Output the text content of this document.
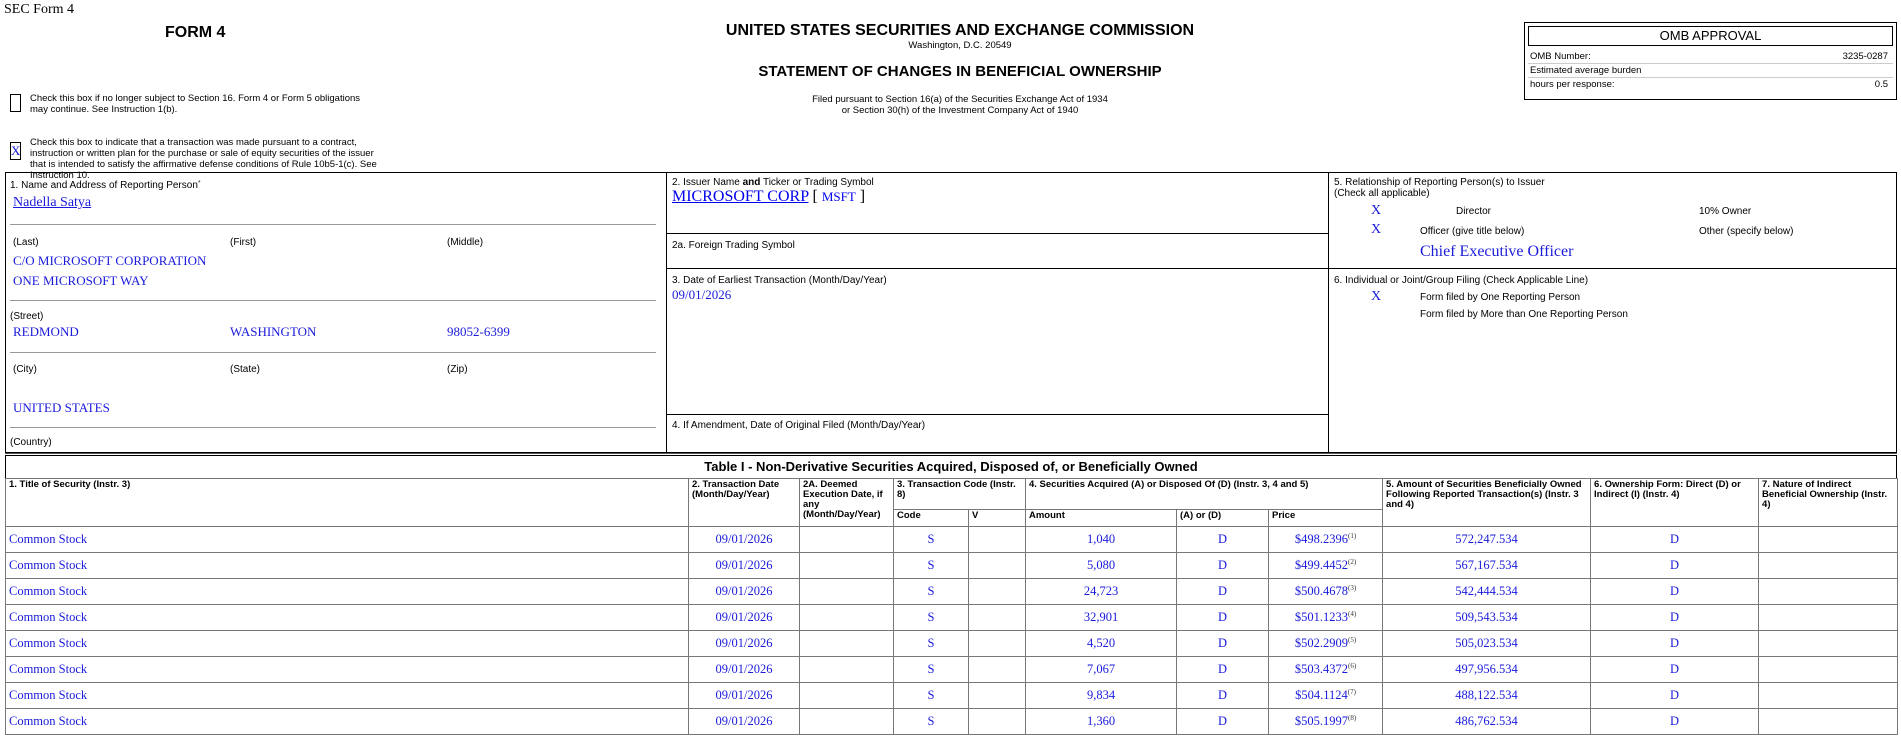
SEC Form 4
FORM 4	UNITED STATES SECURITIES AND EXCHANGE COMMISSION
Washington, D.C. 20549
STATEMENT OF CHANGES IN BENEFICIAL OWNERSHIP
Filed pursuant to Section 16(a) of the Securities Exchange Act of 1934
or Section 30(h) of the Investment Company Act of 1940
OMB APPROVAL
OMB Number:	3235-0287
Estimated average burden
hours per response:	0.5
Check this box if no longer subject to Section 16. Form 4 or Form 5 obligations may continue. See Instruction 1(b).
X
Check this box to indicate that a transaction was made pursuant to a contract, instruction or written plan for the purchase or sale of equity securities of the issuer that is intended to satisfy the affirmative defense conditions of Rule 10b5-1(c). See Instruction 10.
1. Name and Address of Reporting Person*
Nadella Satya
(Last)	(First)	(Middle)
C/O MICROSOFT CORPORATION
ONE MICROSOFT WAY
(Street)
REDMOND	WASHINGTON	98052-6399
(City)	(State)	(Zip)
UNITED STATES
(Country)
2. Issuer Name and Ticker or Trading Symbol
MICROSOFT CORP [ MSFT ]
2a. Foreign Trading Symbol
3. Date of Earliest Transaction (Month/Day/Year)
09/01/2026
4. If Amendment, Date of Original Filed (Month/Day/Year)
5. Relationship of Reporting Person(s) to Issuer
(Check all applicable)
X	Director	10% Owner
X	Officer (give title below)	Other (specify below)
Chief Executive Officer
6. Individual or Joint/Group Filing (Check Applicable Line)
X	Form filed by One Reporting Person
Form filed by More than One Reporting Person
Table I - Non-Derivative Securities Acquired, Disposed of, or Beneficially Owned
1. Title of Security (Instr. 3)	2. Transaction Date (Month/Day/Year)	2A. Deemed Execution Date, if any (Month/Day/Year)	3. Transaction Code (Instr. 8)		4. Securities Acquired (A) or Disposed Of (D) (Instr. 3, 4 and 5)			5. Amount of Securities Beneficially Owned Following Reported Transaction(s) (Instr. 3 and 4)	6. Ownership Form: Direct (D) or Indirect (I) (Instr. 4)	7. Nature of Indirect Beneficial Ownership (Instr. 4)
			Code	V	Amount	(A) or (D)	Price			
Common Stock	09/01/2026		S		1,040	D	$498.2396$^{(1)}$	572,247.534	D	
Common Stock	09/01/2026		S		5,080	D	$499.4452$^{(2)}$	567,167.534	D	
Common Stock	09/01/2026		S		24,723	D	$500.4678$^{(3)}$	542,444.534	D	
Common Stock	09/01/2026		S		32,901	D	$501.1233$^{(4)}$	509,543.534	D	
Common Stock	09/01/2026		S		4,520	D	$502.2909$^{(5)}$	505,023.534	D	
Common Stock	09/01/2026		S		7,067	D	$503.4372$^{(6)}$	497,956.534	D	
Common Stock	09/01/2026		S		9,834	D	$504.1124$^{(7)}$	488,122.534	D	
Common Stock	09/01/2026		S		1,360	D	$505.1997$^{(8)}$	486,762.534	D	
